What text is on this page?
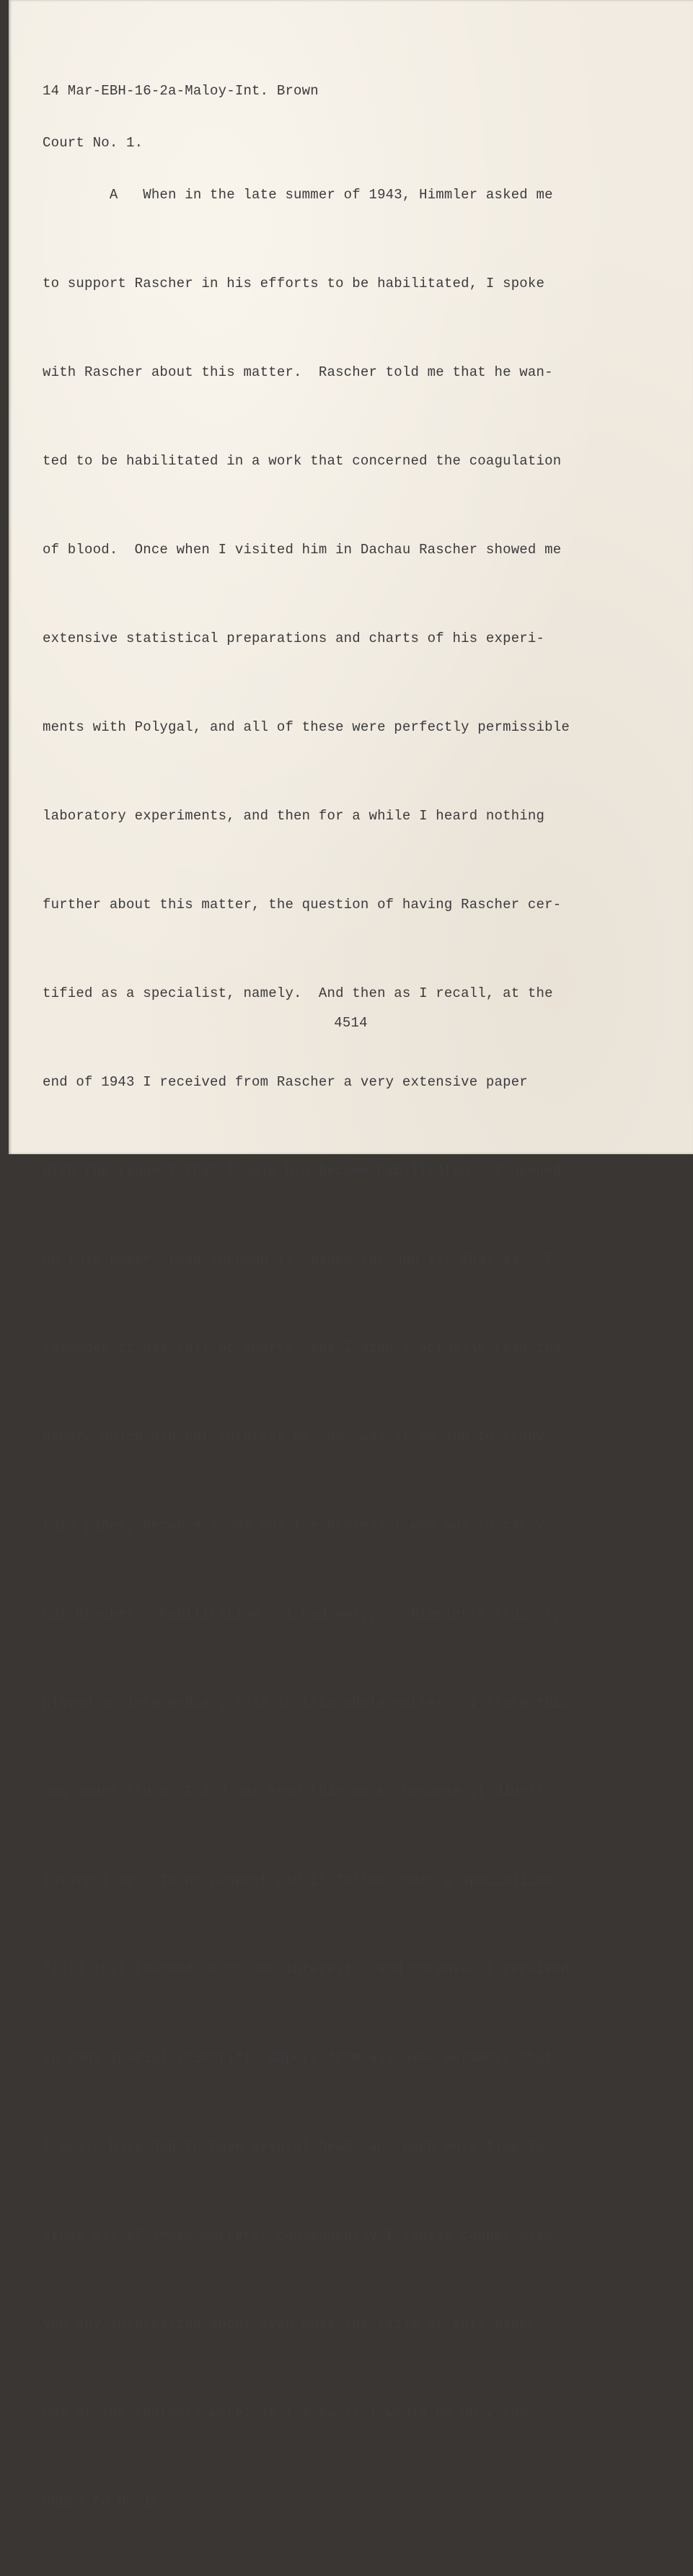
14 Mar-EBH-16-2a-Maloy-Int. Brown

Court No. 1.

A   When in the late summer of 1943, Himmler asked me

to support Rascher in his efforts to be habilitated, I spoke

with Rascher about this matter.  Rascher told me that he wan-

ted to be habilitated in a work that concerned the coagulation

of blood.  Once when I visited him in Dachau Rascher showed me

extensive statistical preparations and charts of his experi-

ments with Polygal, and all of these were perfectly permissible

laboratory experiments, and then for a while I heard nothing

further about this matter, the question of having Rascher cer-

tified as a specialist, namely.  And then as I recall, at the

end of 1943 I received from Rascher a very extensive paper

with the request that I help him become habilitated.  I opened

up this paper, read through it, paged through it, that is.  I

remember it was full of charts, but I didn't actually read the

paper, which did not interest me, nor was it my job to study

this paper, because I was not the Professor who was to carry

out Rascher's habilitation.  I had only, on Himmler's request,

played an intermediary role in this whole matter.  I state this

now under truth, I did not read this work, because it didn't

interest me.  In no respect did it follow under a specialized

field that touched on my own interests, and moreover I received

so many special scientific papers from all over Germany, that

I would have had to have several heads and much more time to

study all of these matters; consequently I really cannot give

you any information about even what the title of this paper

was or the contents were; if I knew it I would be only too

happy to do it.

4514
